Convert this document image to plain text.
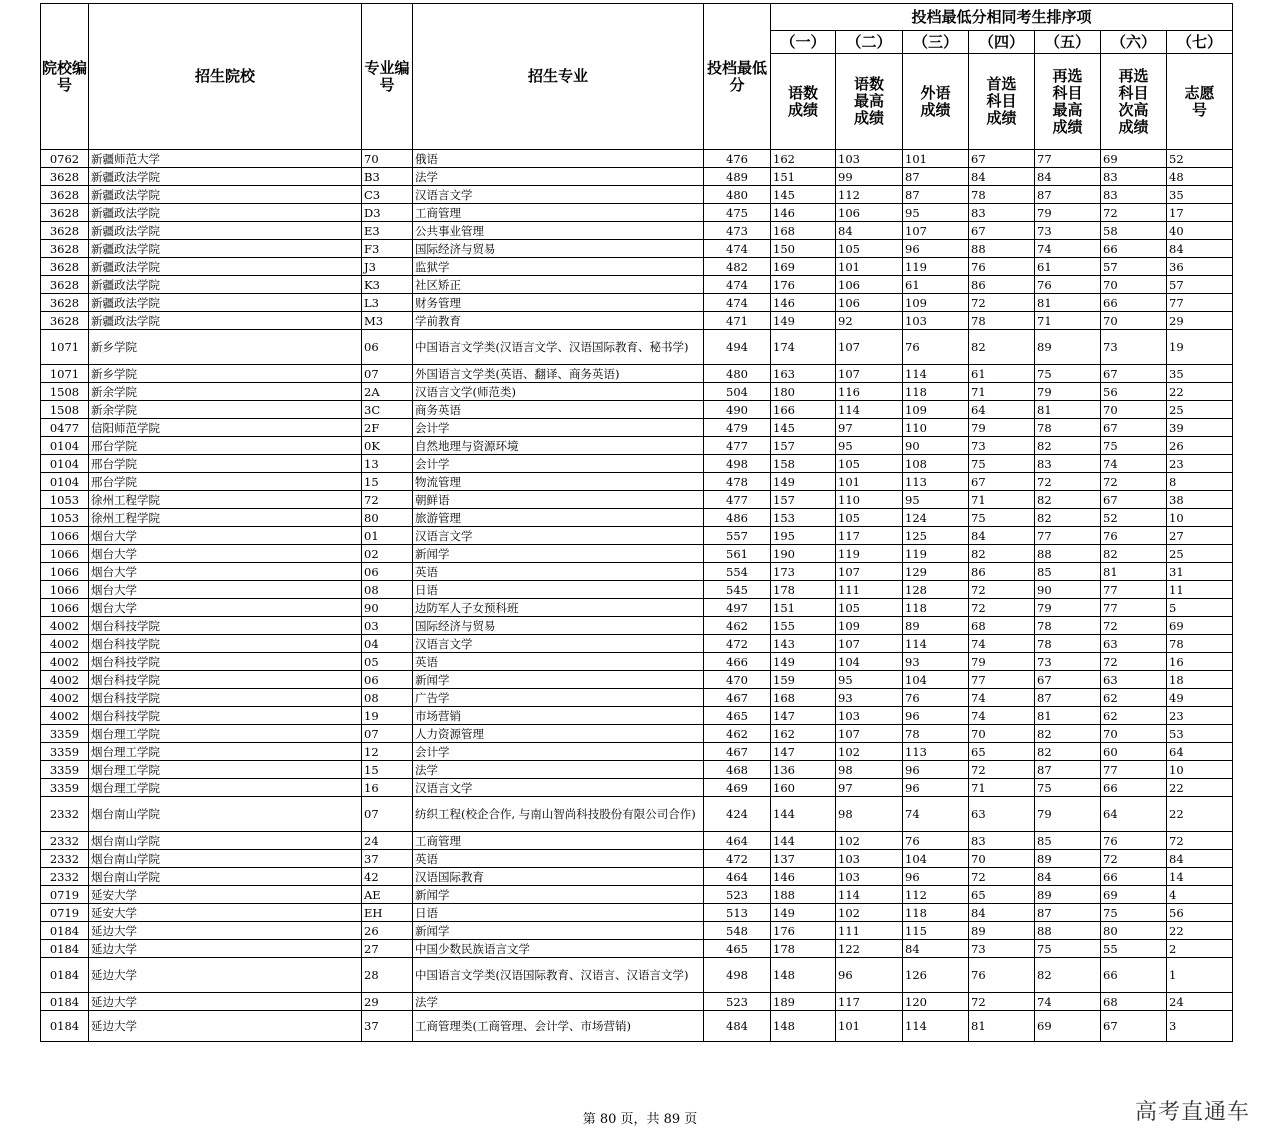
院校编号	招生院校	专业编号	招生专业	投档最低分	投档最低分相同考生排序项						
					（一）	（二）	（三）	（四）	（五）	（六）	（七）
					语数成绩	语数最高成绩	外语成绩	首选科目成绩	再选科目最高成绩	再选科目次高成绩	志愿号
0762	新疆师范大学	70	俄语	476	162	103	101	67	77	69	52
3628	新疆政法学院	B3	法学	489	151	99	87	84	84	83	48
3628	新疆政法学院	C3	汉语言文学	480	145	112	87	78	87	83	35
3628	新疆政法学院	D3	工商管理	475	146	106	95	83	79	72	17
3628	新疆政法学院	E3	公共事业管理	473	168	84	107	67	73	58	40
3628	新疆政法学院	F3	国际经济与贸易	474	150	105	96	88	74	66	84
3628	新疆政法学院	J3	监狱学	482	169	101	119	76	61	57	36
3628	新疆政法学院	K3	社区矫正	474	176	106	61	86	76	70	57
3628	新疆政法学院	L3	财务管理	474	146	106	109	72	81	66	77
3628	新疆政法学院	M3	学前教育	471	149	92	103	78	71	70	29
1071	新乡学院	06	中国语言文学类(汉语言文学、汉语国际教育、秘书学)	494	174	107	76	82	89	73	19
1071	新乡学院	07	外国语言文学类(英语、翻译、商务英语)	480	163	107	114	61	75	67	35
1508	新余学院	2A	汉语言文学(师范类)	504	180	116	118	71	79	56	22
1508	新余学院	3C	商务英语	490	166	114	109	64	81	70	25
0477	信阳师范学院	2F	会计学	479	145	97	110	79	78	67	39
0104	邢台学院	0K	自然地理与资源环境	477	157	95	90	73	82	75	26
0104	邢台学院	13	会计学	498	158	105	108	75	83	74	23
0104	邢台学院	15	物流管理	478	149	101	113	67	72	72	8
1053	徐州工程学院	72	朝鲜语	477	157	110	95	71	82	67	38
1053	徐州工程学院	80	旅游管理	486	153	105	124	75	82	52	10
1066	烟台大学	01	汉语言文学	557	195	117	125	84	77	76	27
1066	烟台大学	02	新闻学	561	190	119	119	82	88	82	25
1066	烟台大学	06	英语	554	173	107	129	86	85	81	31
1066	烟台大学	08	日语	545	178	111	128	72	90	77	11
1066	烟台大学	90	边防军人子女预科班	497	151	105	118	72	79	77	5
4002	烟台科技学院	03	国际经济与贸易	462	155	109	89	68	78	72	69
4002	烟台科技学院	04	汉语言文学	472	143	107	114	74	78	63	78
4002	烟台科技学院	05	英语	466	149	104	93	79	73	72	16
4002	烟台科技学院	06	新闻学	470	159	95	104	77	67	63	18
4002	烟台科技学院	08	广告学	467	168	93	76	74	87	62	49
4002	烟台科技学院	19	市场营销	465	147	103	96	74	81	62	23
3359	烟台理工学院	07	人力资源管理	462	162	107	78	70	82	70	53
3359	烟台理工学院	12	会计学	467	147	102	113	65	82	60	64
3359	烟台理工学院	15	法学	468	136	98	96	72	87	77	10
3359	烟台理工学院	16	汉语言文学	469	160	97	96	71	75	66	22
2332	烟台南山学院	07	纺织工程(校企合作, 与南山智尚科技股份有限公司合作)	424	144	98	74	63	79	64	22
2332	烟台南山学院	24	工商管理	464	144	102	76	83	85	76	72
2332	烟台南山学院	37	英语	472	137	103	104	70	89	72	84
2332	烟台南山学院	42	汉语国际教育	464	146	103	96	72	84	66	14
0719	延安大学	AE	新闻学	523	188	114	112	65	89	69	4
0719	延安大学	EH	日语	513	149	102	118	84	87	75	56
0184	延边大学	26	新闻学	548	176	111	115	89	88	80	22
0184	延边大学	27	中国少数民族语言文学	465	178	122	84	73	75	55	2
0184	延边大学	28	中国语言文学类(汉语国际教育、汉语言、汉语言文学)	498	148	96	126	76	82	66	1
0184	延边大学	29	法学	523	189	117	120	72	74	68	24
0184	延边大学	37	工商管理类(工商管理、会计学、市场营销)	484	148	101	114	81	69	67	3
第 80 页，共 89 页	高考直通车
